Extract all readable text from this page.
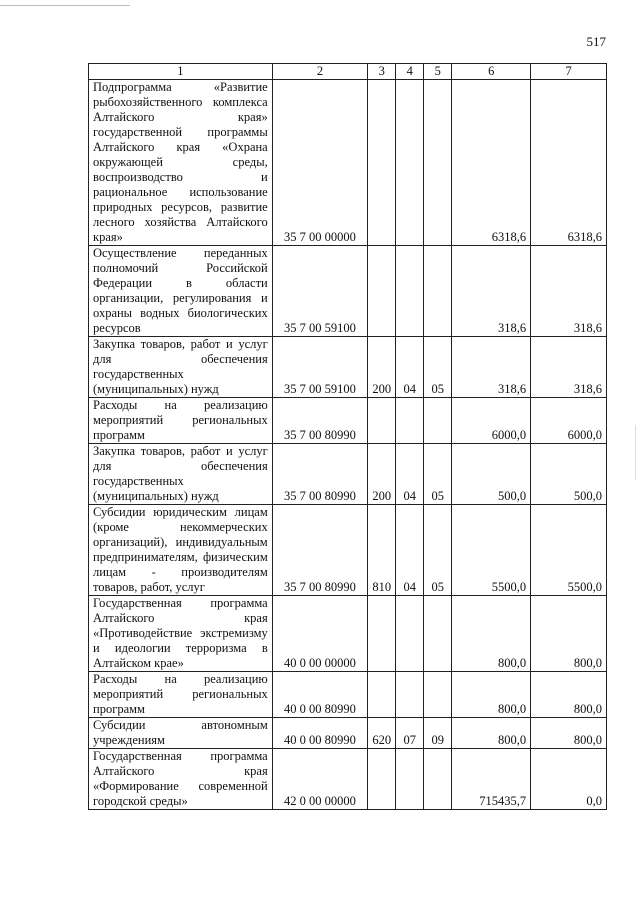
517
1	2	3	4	5	6	7
Подпрограмма «Развитие рыбохозяйственного комплекса Алтайского края» государственной программы Алтайского края «Охрана окружающей среды, воспроизводство и рациональное использование природных ресурсов, развитие лесного хозяйства Алтайского края»	35 7 00 00000				6318,6	6318,6
Осуществление переданных полномочий Российской Федерации в области организации, регулирования и охраны водных биологических ресурсов	35 7 00 59100				318,6	318,6
Закупка товаров, работ и услуг для обеспечения государственных (муниципальных) нужд	35 7 00 59100	200	04	05	318,6	318,6
Расходы на реализацию мероприятий региональных программ	35 7 00 80990				6000,0	6000,0
Закупка товаров, работ и услуг для обеспечения государственных (муниципальных) нужд	35 7 00 80990	200	04	05	500,0	500,0
Субсидии юридическим лицам (кроме некоммерческих организаций), индивидуальным предпринимателям, физическим лицам - производителям товаров, работ, услуг	35 7 00 80990	810	04	05	5500,0	5500,0
Государственная программа Алтайского края «Противодействие экстремизму и идеологии терроризма в Алтайском крае»	40 0 00 00000				800,0	800,0
Расходы на реализацию мероприятий региональных программ	40 0 00 80990				800,0	800,0
Субсидии автономным учреждениям	40 0 00 80990	620	07	09	800,0	800,0
Государственная программа Алтайского края «Формирование современной городской среды»	42 0 00 00000				715435,7	0,0
